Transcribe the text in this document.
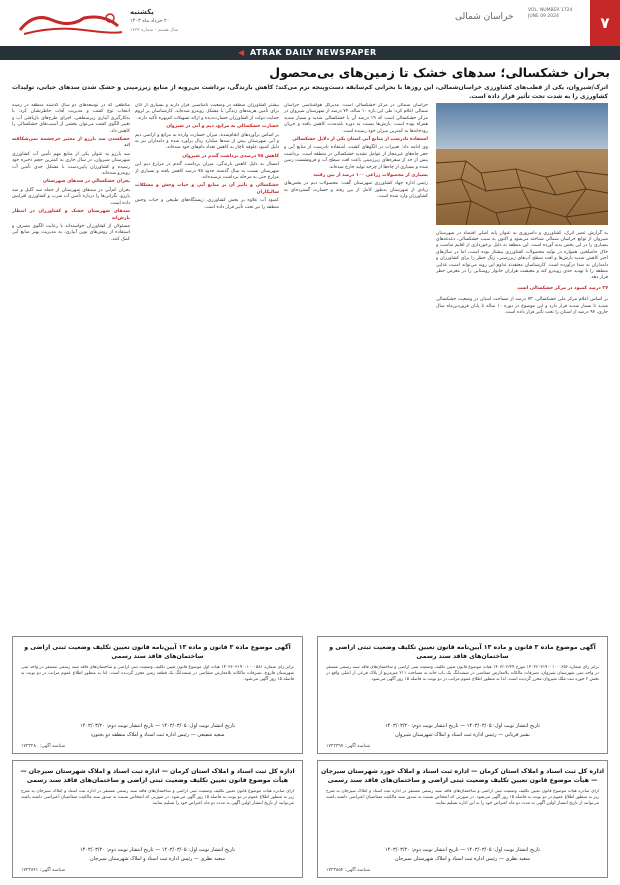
یکشنبه
۲۰ خرداد ماه ۱۴۰۳
سال هشتم - شماره ۱۷۲۴
خراسان شمالی
VOL. NUMBER 1724
JUNE 09 2024	۷
◀ ATRAK DAILY NEWSPAPER
بحران خشکسالی؛ سدهای خشک تا زمین‌های بی‌محصول
اترک/شیروان، یکی از قطب‌های کشاورزی خراسان‌شمالی، این روزها با بحرانی کم‌سابقه دست‌وپنجه نرم می‌کند؛ کاهش بارندگی، برداشت بی‌رویه از منابع زیرزمینی و خشک شدن سدهای حیاتی، تولیدات کشاورزی را به شدت تحت تأثیر قرار داده است.

به گزارش عصر اترک، کشاورزی و دامپروری به عنوان پایه اصلی اقتصاد در شهرستان شیروان از توابع خراسان شمالی شناخته می‌شود و اکنون به سبب خشکسالی، دغدغه‌های بسیاری را در این بخش پدید آورده است. این منطقه به دلیل برخورداری از اقلیم مناسب و خاک حاصلخیز، همواره در تولید محصولات کشاورزی پیشتاز بوده است، اما در سال‌های اخیر کاهش شدید بارش‌ها و افت سطح آب‌های زیرزمینی، زنگ خطر را برای کشاورزان و دامداران به صدا درآورده است. کارشناسان معتقدند تداوم این روند می‌تواند امنیت غذایی منطقه را با تهدید جدی روبه‌رو کند و معیشت هزاران خانوار روستایی را در معرض خطر قرار دهد.

۲۷ درصد کمبود در مرکز خشکسالی است

بر اساس اعلام مرکز ملی خشکسالی، ۷۳ درصد از مساحت استان در وضعیت خشکسالی شدید تا بسیار شدید قرار دارد و این موضوع در دوره ۱۰ ساله تا پایان فروردین‌ماه سال جاری، ۹۷ درصد از استان را تحت تأثیر قرار داده است.

خراسان شمالی در مرکز خشکسالی است. مدیرکل هواشناسی خراسان شمالی اعلام کرد: طی این بازه ۱۰ ساله، ۷۴ درصد از شهرستان شیروان در مرکز خشکسالی است که ۱۹ درصد آن با خشکسالی شدید و بسیار شدید همراه بوده است. بارش‌ها نسبت به دوره بلندمدت کاهش یافته و جریان رودخانه‌ها به کمترین میزان خود رسیده است.

استفاده نادرست از منابع آبی استان یکی از دلایل خشکسالی

وی ادامه داد: تغییرات در الگوهای کشت، استفاده نادرست از منابع آبی و حفر چاه‌های غیرمجاز از عوامل تشدید خشکسالی در منطقه است. برداشت بیش از حد از سفره‌های زیرزمینی باعث افت سطح آب و فرونشست زمین شده و بسیاری از چاه‌ها از چرخه تولید خارج شده‌اند.

بسیاری از محصولات زراعی ۱۰۰ درصد از بین رفتند

رئیس اداره جهاد کشاورزی شهرستان گفت: محصولات دیم در بخش‌های زیادی از شهرستان به‌طور کامل از بین رفته و خسارت گسترده‌ای به کشاورزان وارد شده است.

بیشتر کشاورزان منطقه در وضعیت نامناسبی قرار دارند و بسیاری از آنان برای تأمین هزینه‌های زندگی با مشکل روبه‌رو شده‌اند. کارشناسان بر لزوم حمایت دولت از کشاورزان خسارت‌دیده و ارائه تسهیلات کم‌بهره تأکید دارند.

خسارت خشکسالی به مراتع، دیم و آبی در شیروان

بر اساس برآوردهای انجام‌شده، میزان خسارت وارده به مراتع و اراضی دیم و آبی شهرستان بیش از صدها میلیارد ریال برآورد شده و دامداران نیز به دلیل کمبود علوفه ناچار به کاهش تعداد دام‌های خود شده‌اند.

کاهش ۷۵ درصدی برداشت گندم در شیروان

امسال به دلیل کاهش بارندگی، میزان برداشت گندم در مزارع دیم این شهرستان نسبت به سال گذشته حدود ۷۵ درصد کاهش یافته و بسیاری از مزارع حتی به مرحله برداشت نرسیده‌اند.

خشکسالی و تأثیر آن بر منابع آبی و حیات وحش و مشکلات شالیکاران

کمبود آب علاوه بر بخش کشاورزی، زیستگاه‌های طبیعی و حیات وحش منطقه را نیز تحت تأثیر قرار داده است.

مناطقی که در توسعه‌های دو سال گذشته منطقه در زمینه انتخاب نوع کشت و مدیریت آفات خاطرنشان کرد: با به‌کارگیری آبیاری زیرسطحی، اجرای طرح‌های بازیافتی آب و تغییر الگوی کشت می‌توان بخشی از آسیب‌های خشکسالی را کاهش داد.

خشکشدن سد بارزو از معتبر خرچشمه نمی‌شکافته اند

سد بارزو به عنوان یکی از منابع مهم تأمین آب کشاورزی شهرستان شیروان، در سال جاری به کمترین حجم ذخیره خود رسیده و کشاورزان پایین‌دست با مشکل جدی تأمین آب روبه‌رو شده‌اند.

بحران خشکسالی در سدهای شهرستان

بحران کم‌آبی در سدهای شهرستان از جمله سد گلیل و سد بارزو، نگرانی‌ها را درباره تأمین آب شرب و کشاورزی افزایش داده است.

سدهای شهرستان خشک و کشاورزان در انتظار بارش‌اند

مسئولان از کشاورزان خواسته‌اند با رعایت الگوی مصرف و استفاده از روش‌های نوین آبیاری، به مدیریت بهتر منابع آبی کمک کنند.

آگهی موضوع ماده ۳ قانون و ماده ۱۳ آیین‌نامه قانون تعیین تکلیف وضعیت ثبتی اراضی و ساختمان‌های فاقد سند رسمی
برابر رأی شماره ۱۴۰۳۶۰۳۱۹۰۰۱۰۰۰۶۵۶ مورخ ۱۴۰۳/۰۲/۲۴ هیأت موضوع قانون تعیین تکلیف وضعیت ثبتی اراضی و ساختمان‌های فاقد سند رسمی مستقر در واحد ثبتی شهرستان شیروان، تصرفات مالکانه بلامعارض متقاضی در ششدانگ یک باب خانه به مساحت ۲۱۱ مترمربع از پلاک فرعی از اصلی واقع در بخش ۲ حوزه ثبت ملک شیروان محرز گردیده است. لذا به منظور اطلاع عموم مراتب در دو نوبت به فاصله ۱۵ روز آگهی می‌شود.
تاریخ انتشار نوبت اول: ۱۴۰۳/۰۳/۰۵ — تاریخ انتشار نوبت دوم: ۱۴۰۳/۰۳/۲۰
بشیر قربانی — رئیس اداره ثبت اسناد و املاک شهرستان شیروان
شناسه آگهی: ۱۷۲۲۳۹۷
آگهی موضوع ماده ۳ قانون و ماده ۱۳ آیین‌نامه قانون تعیین تکلیف وضعیت ثبتی اراضی و ساختمان‌های فاقد سند رسمی
برابر رأی شماره ۱۴۰۳۶۰۳۱۹۰۰۱۰۰۰۵۸۱ هیأت اول موضوع قانون تعیین تکلیف وضعیت ثبتی اراضی و ساختمان‌های فاقد سند رسمی مستقر در واحد ثبتی شهرستان فاروج، تصرفات مالکانه بلامعارض متقاضی در ششدانگ یک قطعه زمین محرز گردیده است. لذا به منظور اطلاع عموم مراتب در دو نوبت به فاصله ۱۵ روز آگهی می‌شود.
تاریخ انتشار نوبت اول: ۱۴۰۳/۰۳/۰۵ — تاریخ انتشار نوبت دوم: ۱۴۰۳/۰۳/۲۰
سعید شفیعی — رئیس اداره ثبت اسناد و املاک منطقه دو بجنورد
شناسه آگهی: ۱۷۲۳۲۸۰
اداره کل ثبت اسناد و املاک استان کرمان — اداره ثبت اسناد و املاک خورد شهرستان سیرجان — هیأت موضوع قانون تعیین تکلیف وضعیت ثبتی اراضی و ساختمان‌های فاقد سند رسمی
آرای صادره هیأت موضوع قانون تعیین تکلیف وضعیت ثبتی اراضی و ساختمان‌های فاقد سند رسمی مستقر در اداره ثبت اسناد و املاک سیرجان به شرح زیر به منظور اطلاع عموم در دو نوبت به فاصله ۱۵ روز آگهی می‌شود. در صورتی که اشخاص نسبت به صدور سند مالکیت متقاضیان اعتراضی داشته باشند می‌توانند از تاریخ انتشار اولین آگهی به مدت دو ماه اعتراض خود را به این اداره تسلیم نمایند.
تاریخ انتشار نوبت اول: ۱۴۰۳/۰۳/۰۵ — تاریخ انتشار نوبت دوم: ۱۴۰۳/۰۳/۲۰
سعید نظری — رئیس اداره ثبت اسناد و املاک شهرستان سیرجان
شناسه آگهی: ۱۷۲۳۸۵۴
اداره کل ثبت اسناد و املاک استان کرمان — اداره ثبت اسناد و املاک شهرستان سیرجان — هیأت موضوع قانون تعیین تکلیف وضعیت ثبتی اراضی و ساختمان‌های فاقد سند رسمی
آرای صادره هیأت موضوع قانون تعیین تکلیف وضعیت ثبتی اراضی و ساختمان‌های فاقد سند رسمی مستقر در اداره ثبت اسناد و املاک سیرجان به شرح زیر به منظور اطلاع عموم در دو نوبت به فاصله ۱۵ روز آگهی می‌شود. در صورتی که اشخاص نسبت به صدور سند مالکیت متقاضیان اعتراضی داشته باشند می‌توانند از تاریخ انتشار اولین آگهی به مدت دو ماه اعتراض خود را تسلیم نمایند.
تاریخ انتشار نوبت اول: ۱۴۰۳/۰۳/۰۵ — تاریخ انتشار نوبت دوم: ۱۴۰۳/۰۳/۲۰
سعید نظری — رئیس اداره ثبت اسناد و املاک شهرستان سیرجان
شناسه آگهی: ۱۷۲۳۸۴۱
